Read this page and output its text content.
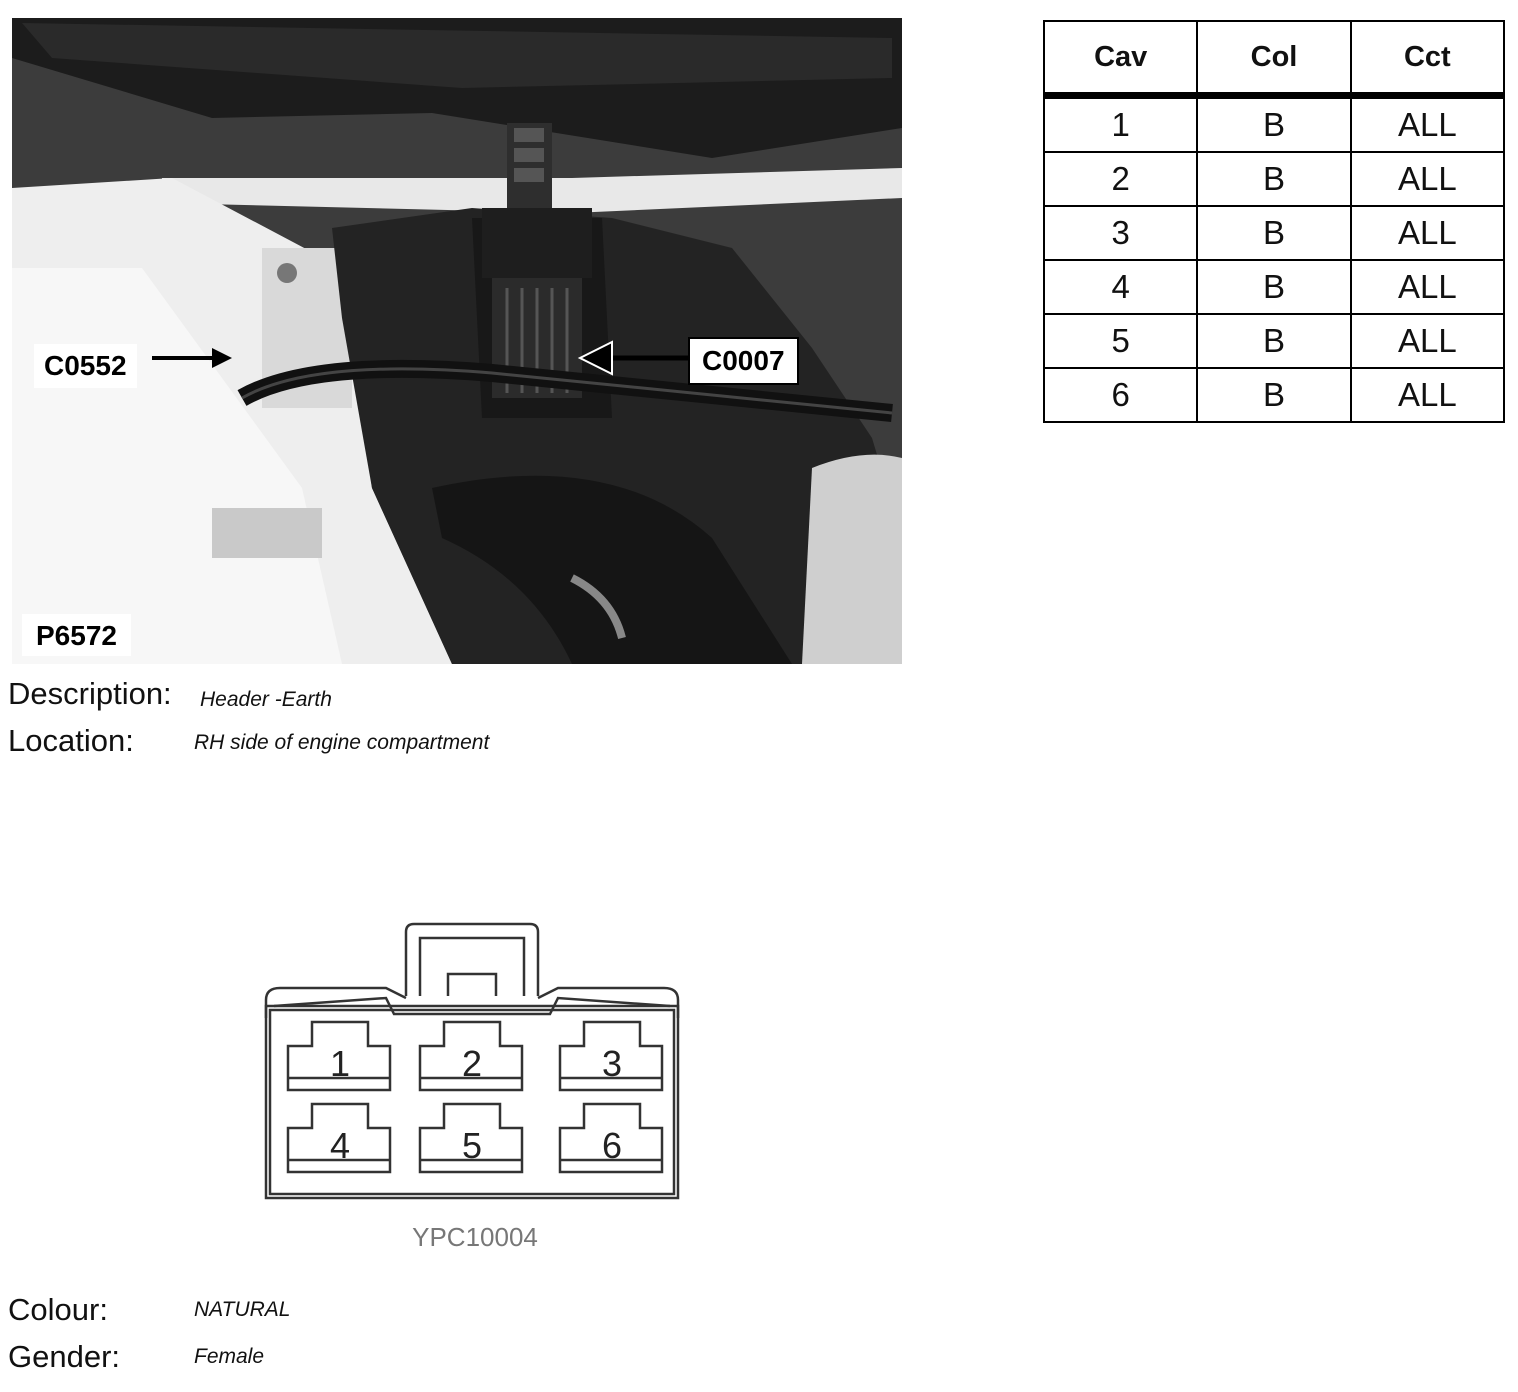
C0552	C0007
P6572
Description: Header -Earth
Location:	RH side of engine compartment
Cav	Col	Cct
1	B	ALL
2	B	ALL
3	B	ALL
4	B	ALL
5	B	ALL
6	B	ALL
1	2	3
4	5	6
YPC10004
Colour:	NATURAL
Gender:	Female
